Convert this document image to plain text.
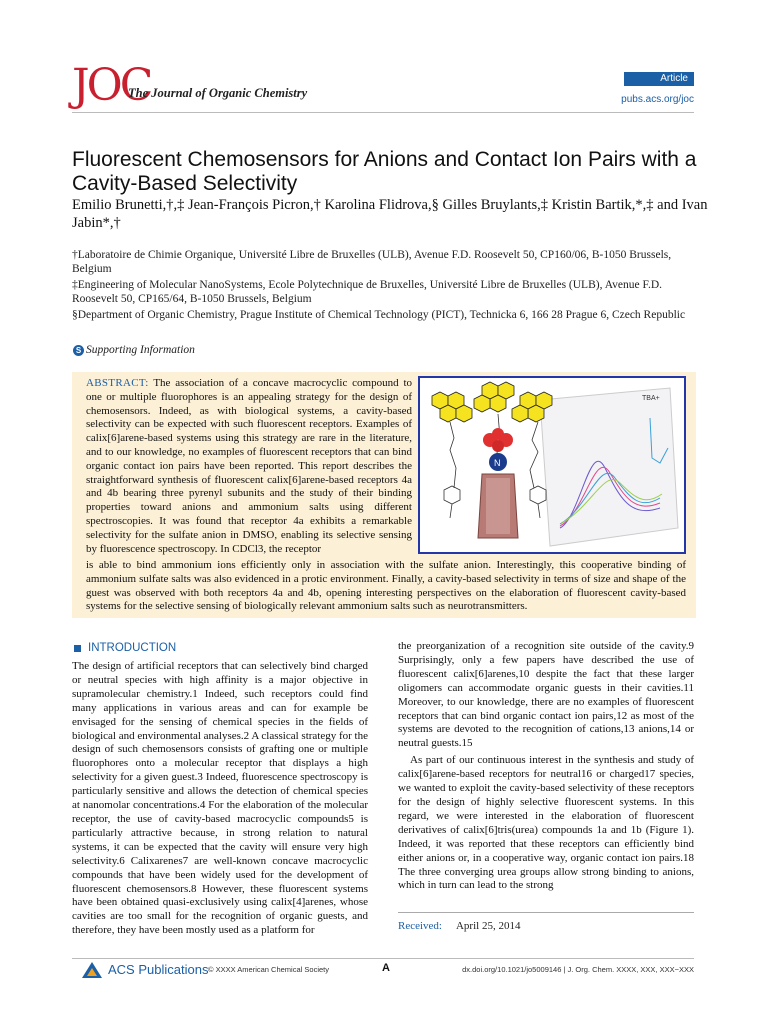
JOC
The Journal of Organic Chemistry
Article
pubs.acs.org/joc
Fluorescent Chemosensors for Anions and Contact Ion Pairs with a Cavity-Based Selectivity
Emilio Brunetti,†,‡ Jean-François Picron,† Karolina Flidrova,§ Gilles Bruylants,‡ Kristin Bartik,*,‡ and Ivan Jabin*,†
†Laboratoire de Chimie Organique, Université Libre de Bruxelles (ULB), Avenue F.D. Roosevelt 50, CP160/06, B-1050 Brussels, Belgium
‡Engineering of Molecular NanoSystems, Ecole Polytechnique de Bruxelles, Université Libre de Bruxelles (ULB), Avenue F.D. Roosevelt 50, CP165/64, B-1050 Brussels, Belgium
§Department of Organic Chemistry, Prague Institute of Chemical Technology (PICT), Technicka 6, 166 28 Prague 6, Czech Republic
S Supporting Information
ABSTRACT: The association of a concave macrocyclic compound to one or multiple fluorophores is an appealing strategy for the design of chemosensors. Indeed, as with biological systems, a cavity-based selectivity can be expected with such fluorescent receptors. Examples of calix[6]arene-based systems using this strategy are rare in the literature, and to our knowledge, no examples of fluorescent receptors that can bind organic contact ion pairs have been reported. This report describes the straightforward synthesis of fluorescent calix[6]arene-based receptors 4a and 4b bearing three pyrenyl subunits and the study of their binding properties toward anions and ammonium salts using different spectroscopies. It was found that receptor 4a exhibits a remarkable selectivity for the sulfate anion in DMSO, enabling its selective sensing by fluorescence spectroscopy. In CDCl3, the receptor
is able to bind ammonium ions efficiently only in association with the sulfate anion. Interestingly, this cooperative binding of ammonium sulfate salts was also evidenced in a protic environment. Finally, a cavity-based selectivity in terms of size and shape of the guest was observed with both receptors 4a and 4b, opening interesting perspectives on the elaboration of fluorescent cavity-based systems for the selective sensing of biologically relevant ammonium salts such as neurotransmitters.
TBA+
N
INTRODUCTION

The design of artificial receptors that can selectively bind charged or neutral species with high affinity is a major objective in supramolecular chemistry.1 Indeed, such receptors could find many applications in various areas and can for example be envisaged for the sensing of chemical species in the fields of biological and environmental analyses.2 A classical strategy for the design of such chemosensors consists of grafting one or multiple fluorophores onto a molecular receptor that displays a high selectivity for a given guest.3 Indeed, fluorescence spectroscopy is particularly sensitive and allows the detection of chemical species at nanomolar concentrations.4 For the elaboration of the molecular receptor, the use of cavity-based macrocyclic compounds5 is particularly attractive because, in strong relation to natural systems, it can be expected that the cavity will ensure very high selectivity.6 Calixarenes7 are well-known concave macrocyclic compounds that have been widely used for the development of fluorescent chemosensors.8 However, these fluorescent systems have been obtained quasi-exclusively using calix[4]arenes, whose cavities are too small for the recognition of organic guests, and therefore, they have been mostly used as a platform for

the preorganization of a recognition site outside of the cavity.9 Surprisingly, only a few papers have described the use of fluorescent calix[6]arenes,10 despite the fact that these larger oligomers can accommodate organic guests in their cavities.11 Moreover, to our knowledge, there are no examples of fluorescent receptors that can bind organic contact ion pairs,12 as most of the systems are devoted to the recognition of cations,13 anions,14 or neutral guests.15

As part of our continuous interest in the synthesis and study of calix[6]arene-based receptors for neutral16 or charged17 species, we wanted to exploit the cavity-based selectivity of these receptors for the design of highly selective fluorescent systems. In this regard, we were interested in the elaboration of fluorescent derivatives of calix[6]tris(urea) compounds 1a and 1b (Figure 1). Indeed, it was reported that these receptors can efficiently bind either anions or, in a cooperative way, organic contact ion pairs.18 The three converging urea groups allow strong binding to anions, which in turn can lead to the strong

Received: April 25, 2014
ACS Publications © XXXX American Chemical Society	A	dx.doi.org/10.1021/jo5009146 | J. Org. Chem. XXXX, XXX, XXX−XXX
